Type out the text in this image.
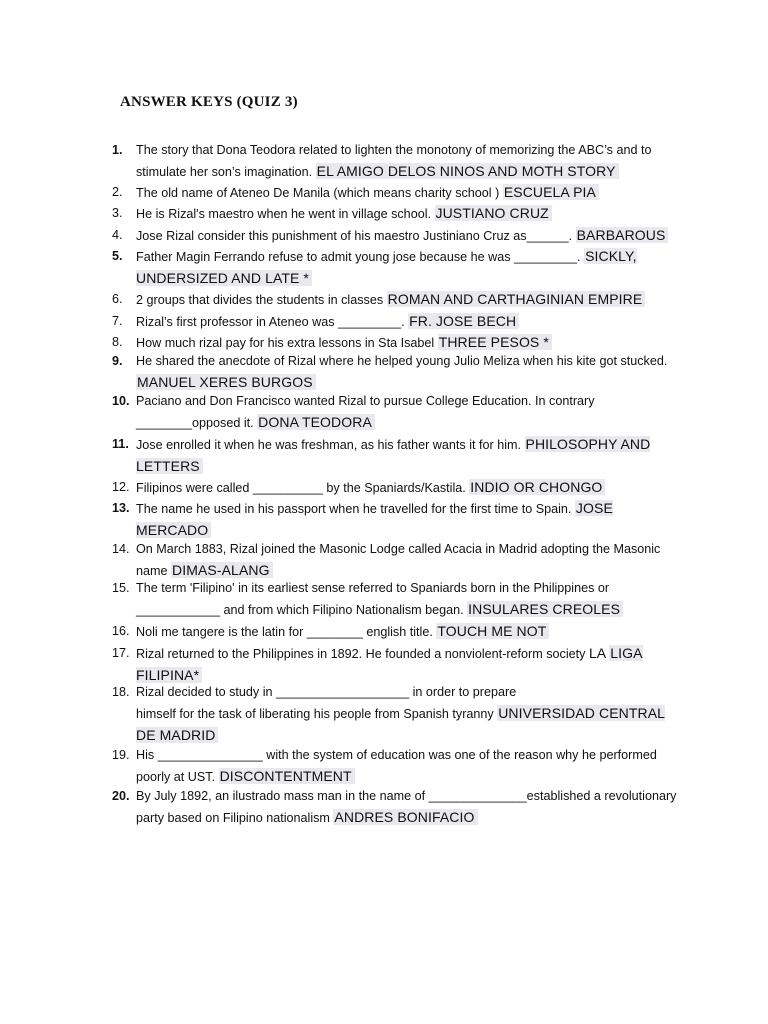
ANSWER KEYS (QUIZ 3)
1.	The story that Dona Teodora related to lighten the monotony of memorizing the ABC’s and to stimulate her son’s imagination. EL AMIGO DELOS NINOS AND MOTH STORY
2.	The old name of Ateneo De Manila (which means charity school ) ESCUELA PIA
3.	He is Rizal's maestro when he went in village school. JUSTIANO CRUZ
4.	Jose Rizal consider this punishment of his maestro Justiniano Cruz as______. BARBAROUS
5.	Father Magin Ferrando refuse to admit young jose because he was _________. SICKLY, UNDERSIZED AND LATE *
6.	2 groups that divides the students in classes ROMAN AND CARTHAGINIAN EMPIRE
7.	Rizal’s first professor in Ateneo was _________. FR. JOSE BECH
8.	How much rizal pay for his extra lessons in Sta Isabel THREE PESOS *
9.	He shared the anecdote of Rizal where he helped young Julio Meliza when his kite got stucked. MANUEL XERES BURGOS
10. Paciano and Don Francisco wanted Rizal to pursue College Education. In contrary ________opposed it. DONA TEODORA
11. Jose enrolled it when he was freshman, as his father wants it for him. PHILOSOPHY AND LETTERS
12. Filipinos were called __________ by the Spaniards/Kastila. INDIO OR CHONGO
13. The name he used in his passport when he travelled for the first time to Spain. JOSE MERCADO
14. On March 1883, Rizal joined the Masonic Lodge called Acacia in Madrid adopting the Masonic name DIMAS-ALANG
15. The term 'Filipino' in its earliest sense referred to Spaniards born in the Philippines or ____________ and from which Filipino Nationalism began. INSULARES CREOLES
16. Noli me tangere is the latin for ________ english title. TOUCH ME NOT
17. Rizal returned to the Philippines in 1892. He founded a nonviolent-reform society LA LIGA FILIPINA*
18. Rizal decided to study in ___________________ in order to prepare
himself for the task of liberating his people from Spanish tyranny UNIVERSIDAD CENTRAL DE MADRID
19. His _______________ with the system of education was one of the reason why he performed poorly at UST. DISCONTENTMENT
20. By July 1892, an ilustrado mass man in the name of ______________established a revolutionary party based on Filipino nationalism ANDRES BONIFACIO
